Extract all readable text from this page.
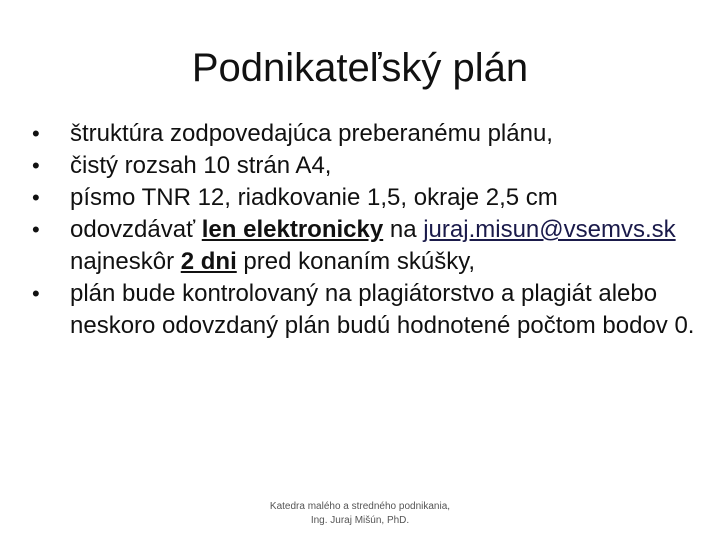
Podnikateľský plán
•	štruktúra zodpovedajúca preberanému plánu,
•	čistý rozsah 10 strán A4,
•	písmo TNR 12, riadkovanie 1,5, okraje 2,5 cm
•	odovzdávať len elektronicky na juraj.misun@vsemvs.sk najneskôr 2 dni pred konaním skúšky,
•	plán bude kontrolovaný na plagiátorstvo a plagiát alebo neskoro odovzdaný plán budú hodnotené počtom bodov 0.
Katedra malého a stredného podnikania,
Ing. Juraj Mišún, PhD.
